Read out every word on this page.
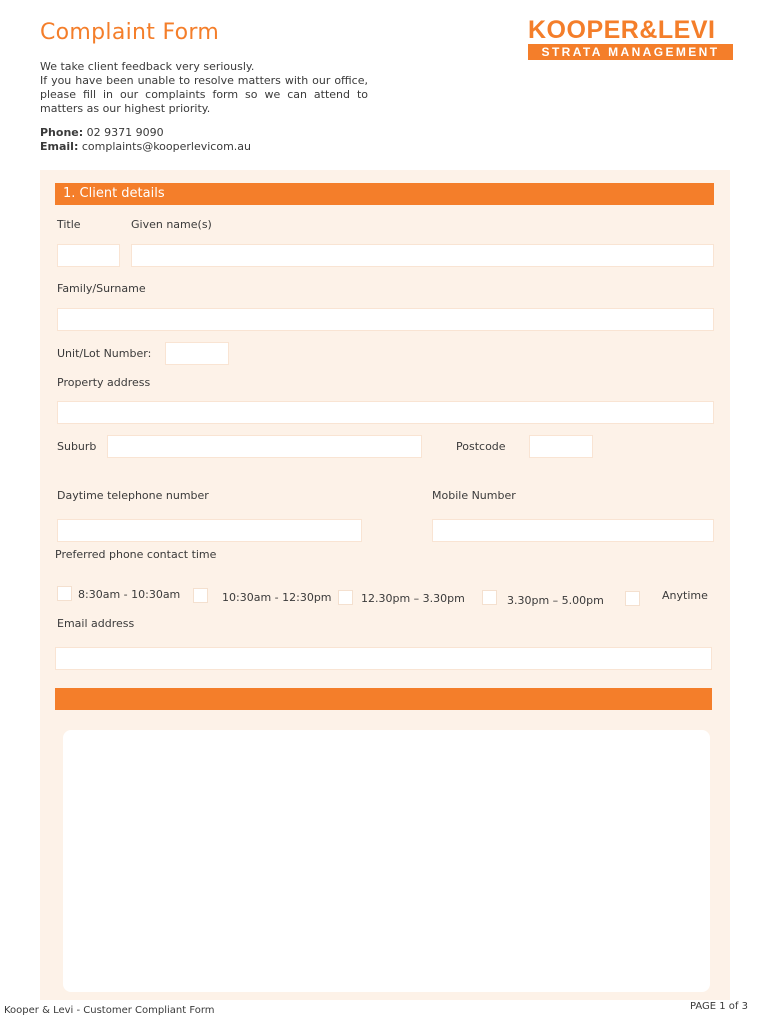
Complaint Form	KOOPER&LEVI
STRATA MANAGEMENT

We take client feedback very seriously.

If you have been unable to resolve matters with our office, please fill in our complaints form so we can attend to matters as our highest priority.

Phone: 02 9371 9090
Email: complaints@kooperlevicom.au
1. Client details
Title	Given name(s)
Family/Surname
Unit/Lot Number:
Property address
Suburb	Postcode
Daytime telephone number	Mobile Number
Preferred phone contact time
8:30am - 10:30am	10:30am - 12:30pm	12.30pm – 3.30pm	3.30pm – 5.00pm	Anytime
Email address
Kooper & Levi - Customer Compliant Form	PAGE 1 of 3
